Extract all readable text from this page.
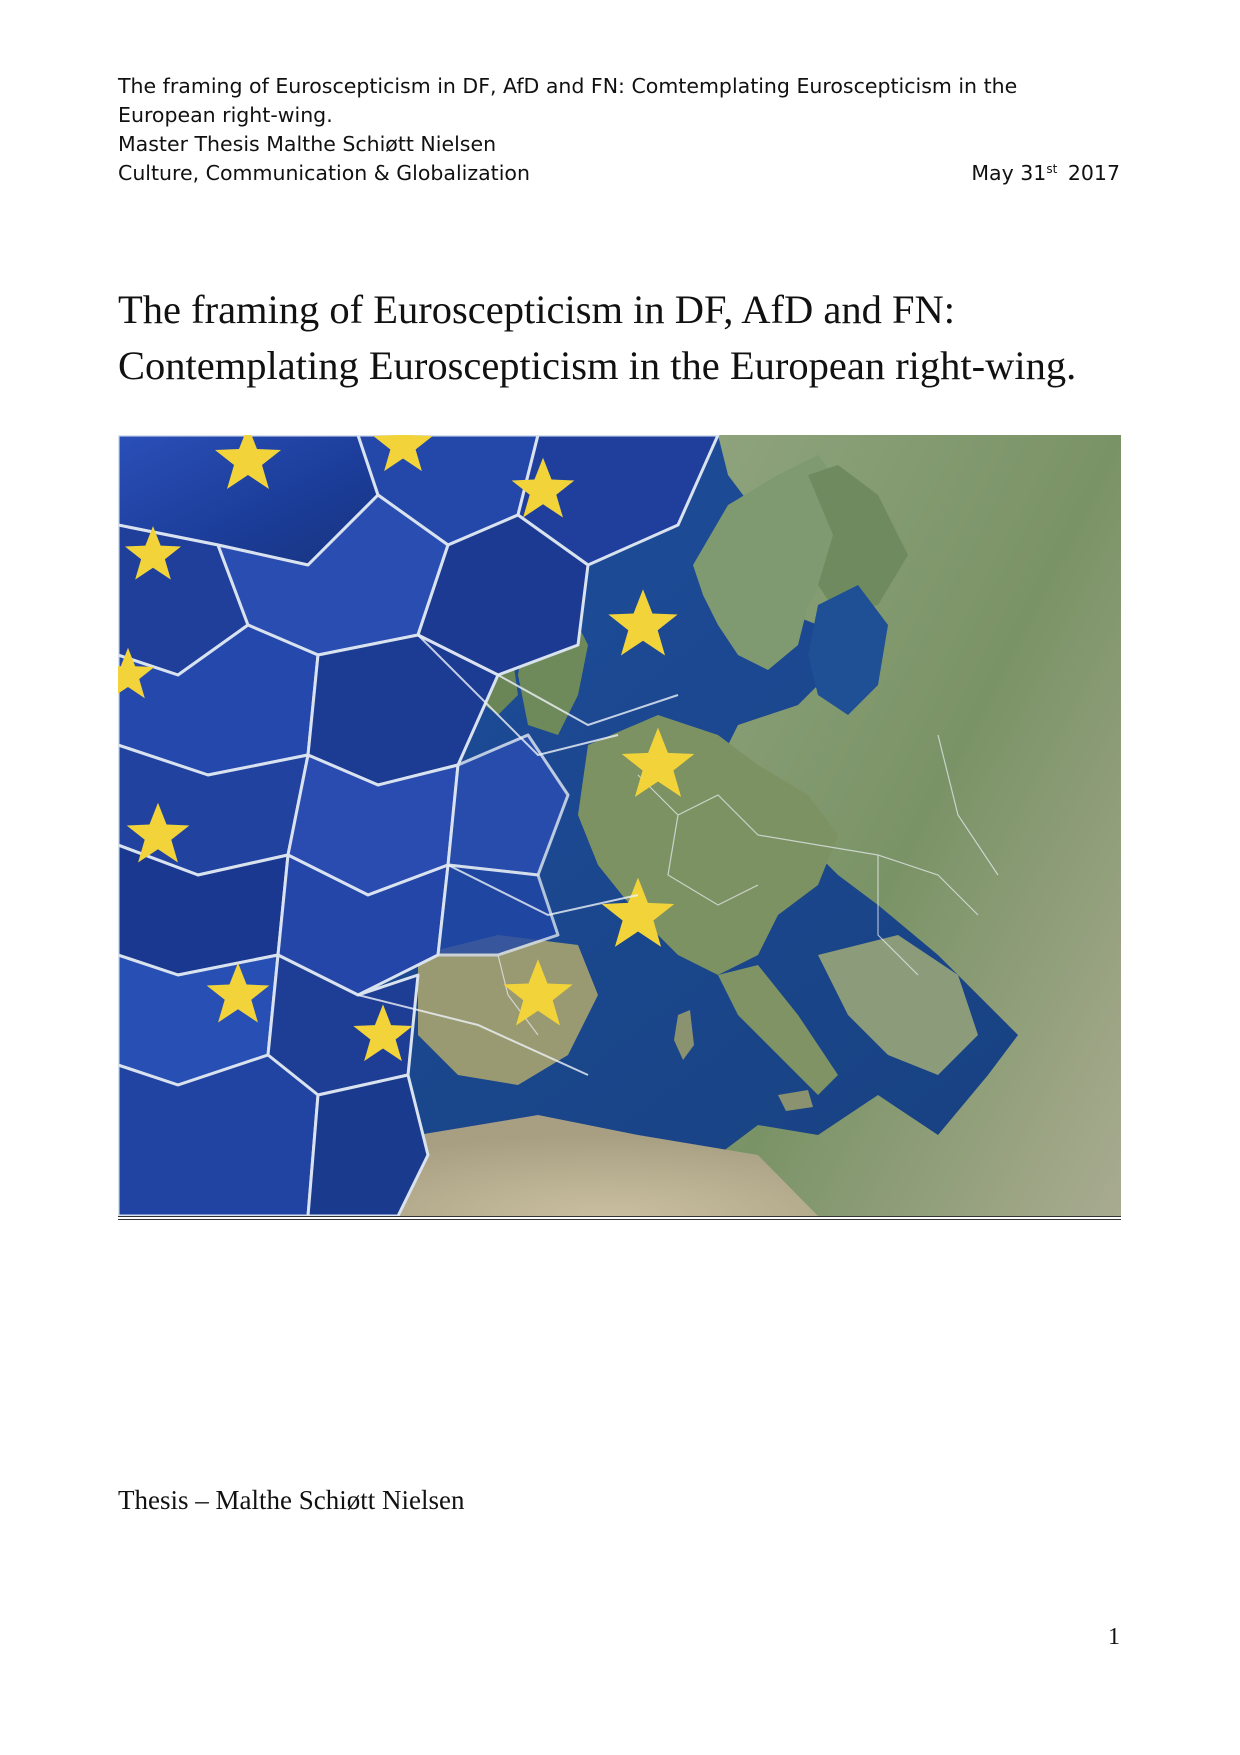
The framing of Euroscepticism in DF, AfD and FN: Comtemplating Euroscepticism in the
European right-wing.
Master Thesis Malthe Schiøtt Nielsen
Culture, Communication & Globalization	May 31st 2017
The framing of Euroscepticism in DF, AfD and FN:
Contemplating Euroscepticism in the European right-wing.
Thesis – Malthe Schiøtt Nielsen
1
